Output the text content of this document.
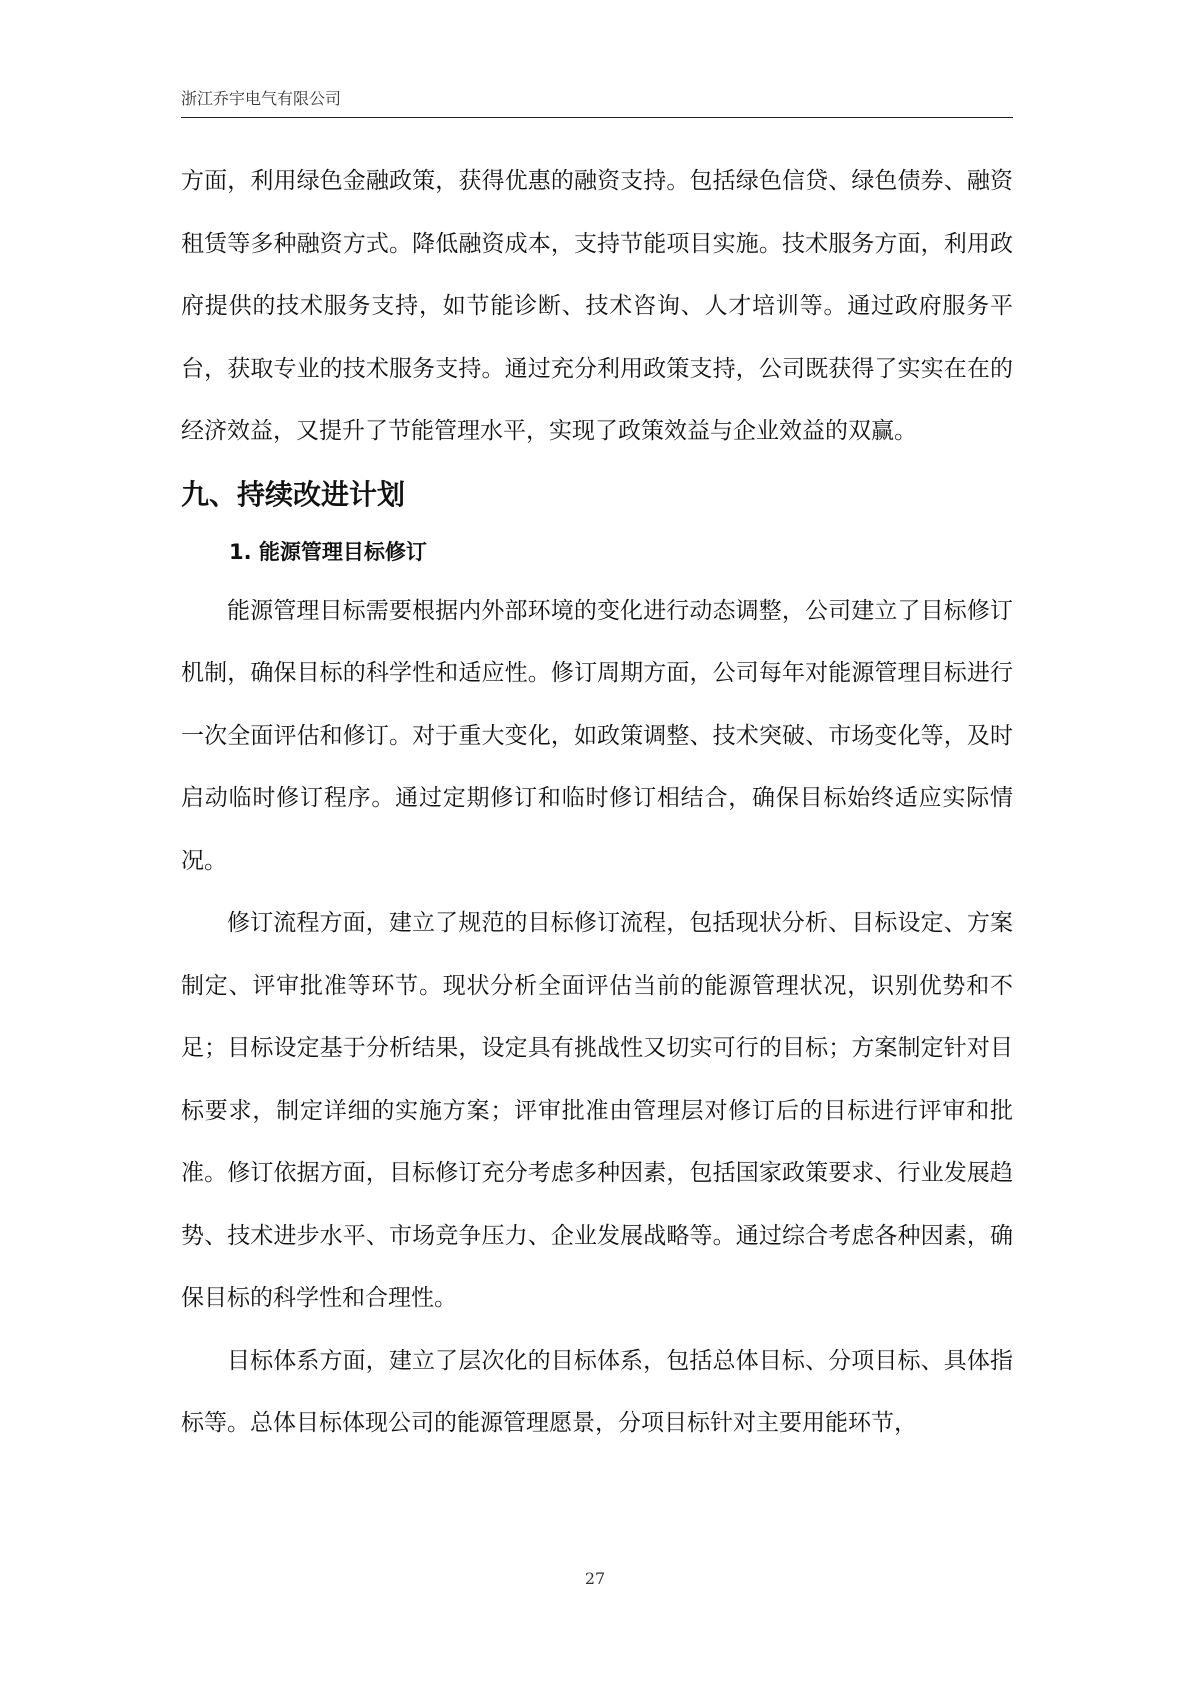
浙江乔宇电气有限公司

方面，利用绿色金融政策，获得优惠的融资支持。包括绿色信贷、绿色债券、融资租赁等多种融资方式。降低融资成本，支持节能项目实施。技术服务方面，利用政府提供的技术服务支持，如节能诊断、技术咨询、人才培训等。通过政府服务平台，获取专业的技术服务支持。通过充分利用政策支持，公司既获得了实实在在的经济效益，又提升了节能管理水平，实现了政策效益与企业效益的双赢。

九、持续改进计划
1. 能源管理目标修订

能源管理目标需要根据内外部环境的变化进行动态调整，公司建立了目标修订机制，确保目标的科学性和适应性。修订周期方面，公司每年对能源管理目标进行一次全面评估和修订。对于重大变化，如政策调整、技术突破、市场变化等，及时启动临时修订程序。通过定期修订和临时修订相结合，确保目标始终适应实际情况。

修订流程方面，建立了规范的目标修订流程，包括现状分析、目标设定、方案制定、评审批准等环节。现状分析全面评估当前的能源管理状况，识别优势和不足；目标设定基于分析结果，设定具有挑战性又切实可行的目标；方案制定针对目标要求，制定详细的实施方案；评审批准由管理层对修订后的目标进行评审和批准。修订依据方面，目标修订充分考虑多种因素，包括国家政策要求、行业发展趋势、技术进步水平、市场竞争压力、企业发展战略等。通过综合考虑各种因素，确保目标的科学性和合理性。

目标体系方面，建立了层次化的目标体系，包括总体目标、分项目标、具体指标等。总体目标体现公司的能源管理愿景，分项目标针对主要用能环节，

27
